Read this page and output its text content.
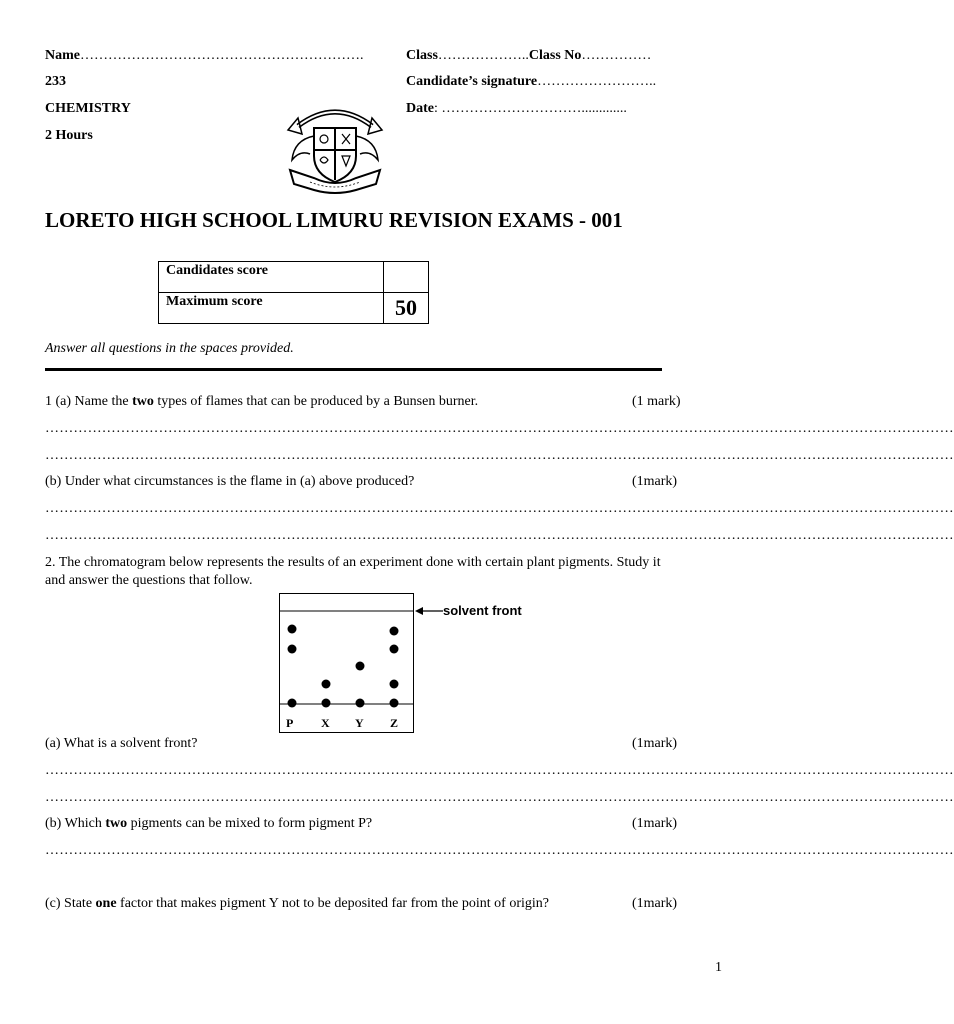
Name…………………………………………………….	Class………………..Class No……………
233	Candidate’s signature……………………..
CHEMISTRY	Date: ………………………….............
2 Hours
LORETO HIGH SCHOOL LIMURU REVISION EXAMS - 001
Candidates score	
Maximum score	50
Answer all questions in the spaces provided.
1 (a) Name the two types of flames that can be produced by a Bunsen burner.	(1 mark)
…………………………………………………………………………………………………………………………………………………………………………
…………………………………………………………………………………………………………………………………………………………………………
(b) Under what circumstances is the flame in (a) above produced?	(1mark)
…………………………………………………………………………………………………………………………………………………………………………
…………………………………………………………………………………………………………………………………………………………………………
2. The chromatogram below represents the results of an experiment done with certain plant pigments. Study it
and answer the questions that follow.
solvent front
P X Y Z
(a) What is a solvent front?	(1mark)
…………………………………………………………………………………………………………………………………………………………………………
…………………………………………………………………………………………………………………………………………………………………………
(b) Which two pigments can be mixed to form pigment P?	(1mark)
…………………………………………………………………………………………………………………………………………………………………………
(c) State one factor that makes pigment Y not to be deposited far from the point of origin?	(1mark)
1
